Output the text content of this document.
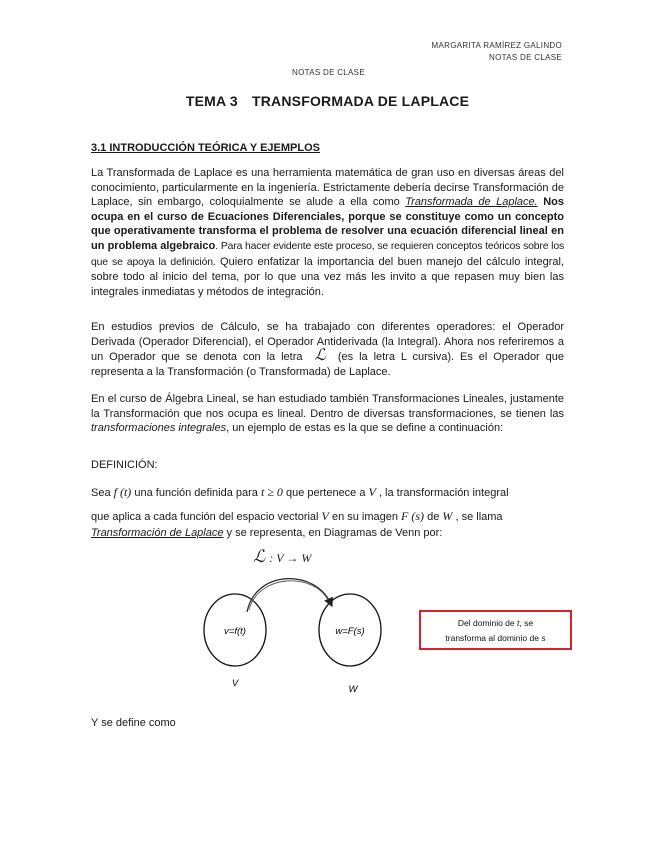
MARGARITA RAMÍREZ GALINDO
NOTAS DE CLASE
NOTAS DE CLASE
TEMA 3 TRANSFORMADA DE LAPLACE
3.1 INTRODUCCIÓN TEÓRICA Y EJEMPLOS
La Transformada de Laplace es una herramienta matemática de gran uso en diversas áreas del conocimiento, particularmente en la ingeniería. Estrictamente debería decirse Transformación de Laplace, sin embargo, coloquialmente se alude a ella como Transformada de Laplace. Nos ocupa en el curso de Ecuaciones Diferenciales, porque se constituye como un concepto que operativamente transforma el problema de resolver una ecuación diferencial lineal en un problema algebraico. Para hacer evidente este proceso, se requieren conceptos teóricos sobre los que se apoya la definición. Quiero enfatizar la importancia del buen manejo del cálculo integral, sobre todo al inicio del tema, por lo que una vez más les invito a que repasen muy bien las integrales inmediatas y métodos de integración.
En estudios previos de Cálculo, se ha trabajado con diferentes operadores: el Operador Derivada (Operador Diferencial), el Operador Antiderivada (la Integral). Ahora nos referiremos a un Operador que se denota con la letra ℒ (es la letra L cursiva). Es el Operador que representa a la Transformación (o Transformada) de Laplace.
En el curso de Álgebra Lineal, se han estudiado también Transformaciones Lineales, justamente la Transformación que nos ocupa es lineal. Dentro de diversas transformaciones, se tienen las transformaciones integrales, un ejemplo de estas es la que se define a continuación:
DEFINICIÓN:
Sea f (t) una función definida para t ≥ 0 que pertenece a V , la transformación integral
que aplica a cada función del espacio vectorial V en su imagen F (s) de W , se llama
Transformación de Laplace y se representa, en Diagramas de Venn por:
ℒ : V → W
v=f(t)	w=F(s)
V
W
Del dominio de t, se
transforma al dominio de s
Y se define como
